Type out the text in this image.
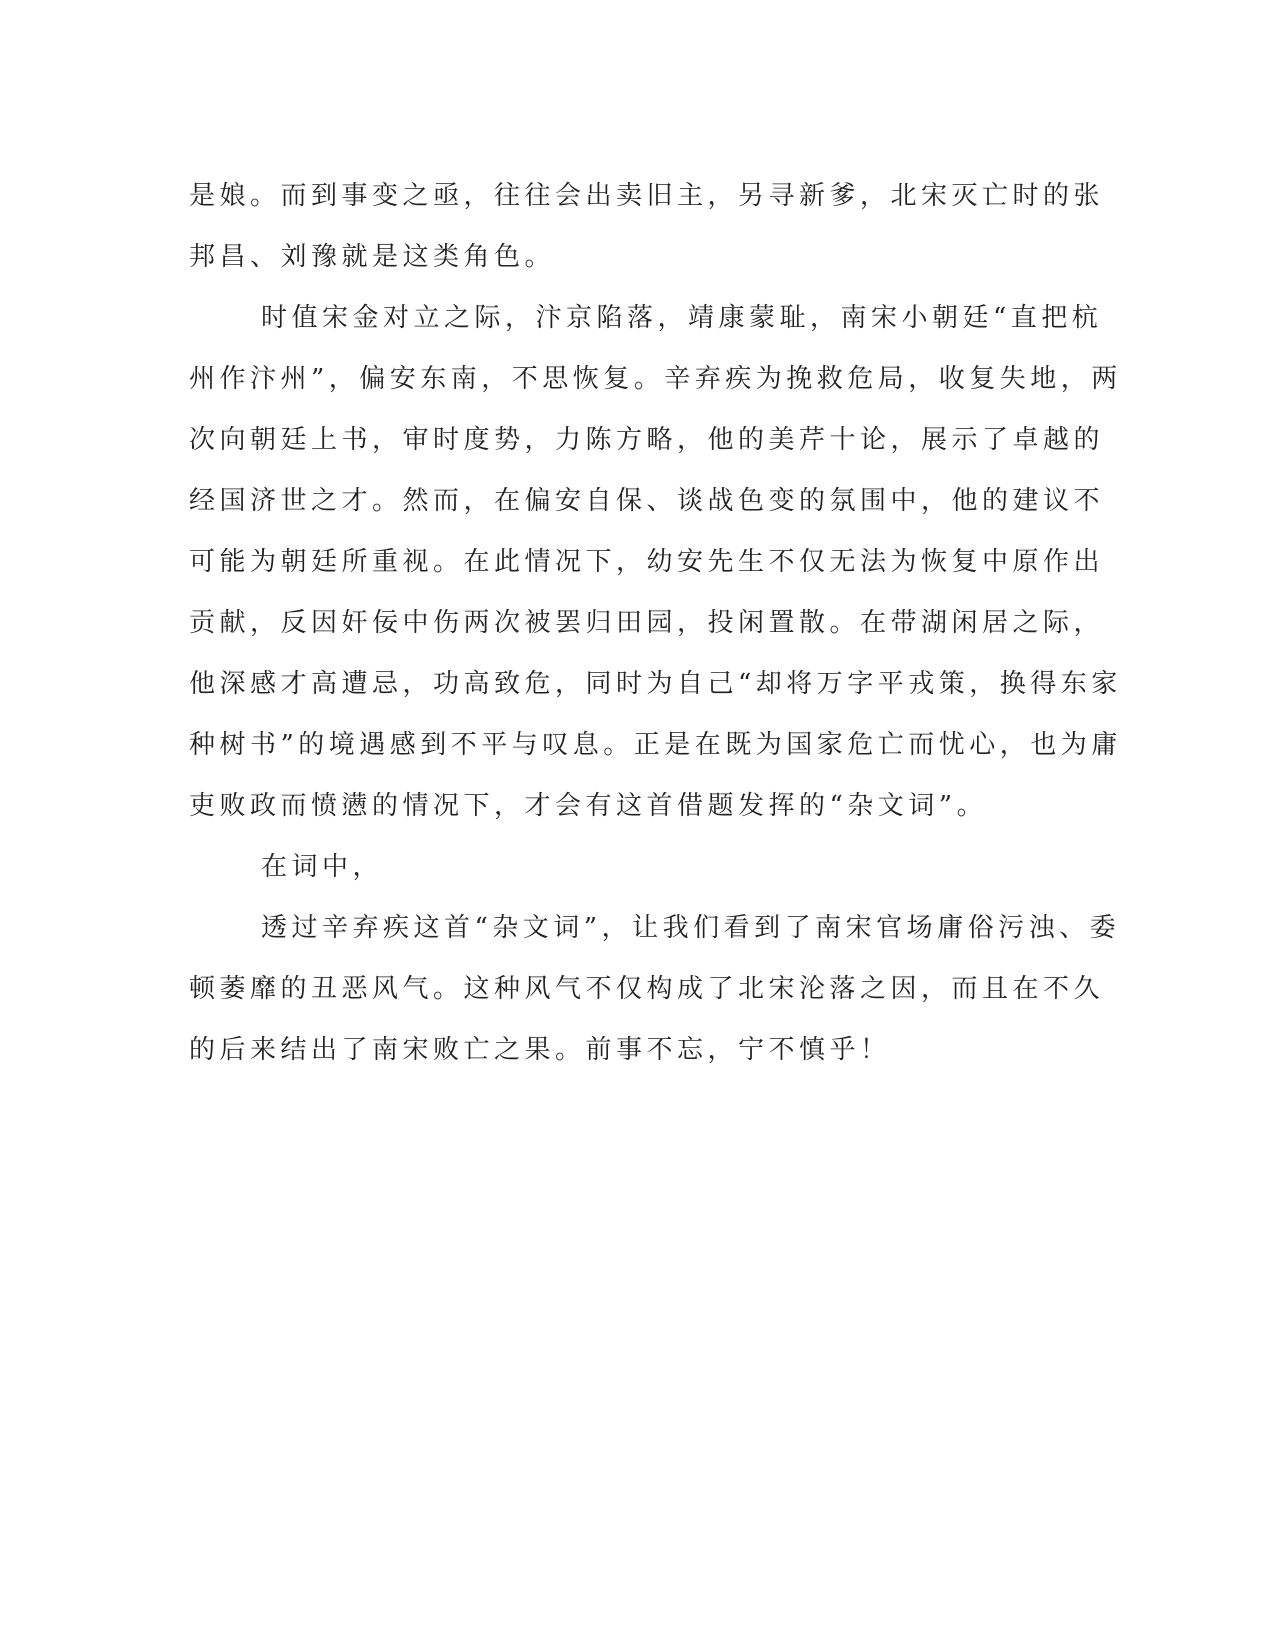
是娘。而到事变之亟，往往会出卖旧主，另寻新爹，北宋灭亡时的张
邦昌、刘豫就是这类角色。
时值宋金对立之际，汴京陷落，靖康蒙耻，南宋小朝廷“直把杭
州作汴州”，偏安东南，不思恢复。辛弃疾为挽救危局，收复失地，两
次向朝廷上书，审时度势，力陈方略，他的美芹十论，展示了卓越的
经国济世之才。然而，在偏安自保、谈战色变的氛围中，他的建议不
可能为朝廷所重视。在此情况下，幼安先生不仅无法为恢复中原作出
贡献，反因奸佞中伤两次被罢归田园，投闲置散。在带湖闲居之际，
他深感才高遭忌，功高致危，同时为自己“却将万字平戎策，换得东家
种树书”的境遇感到不平与叹息。正是在既为国家危亡而忧心，也为庸
吏败政而愤懑的情况下，才会有这首借题发挥的“杂文词”。
在词中，
透过辛弃疾这首“杂文词”，让我们看到了南宋官场庸俗污浊、委
顿萎靡的丑恶风气。这种风气不仅构成了北宋沦落之因，而且在不久
的后来结出了南宋败亡之果。前事不忘，宁不慎乎！
